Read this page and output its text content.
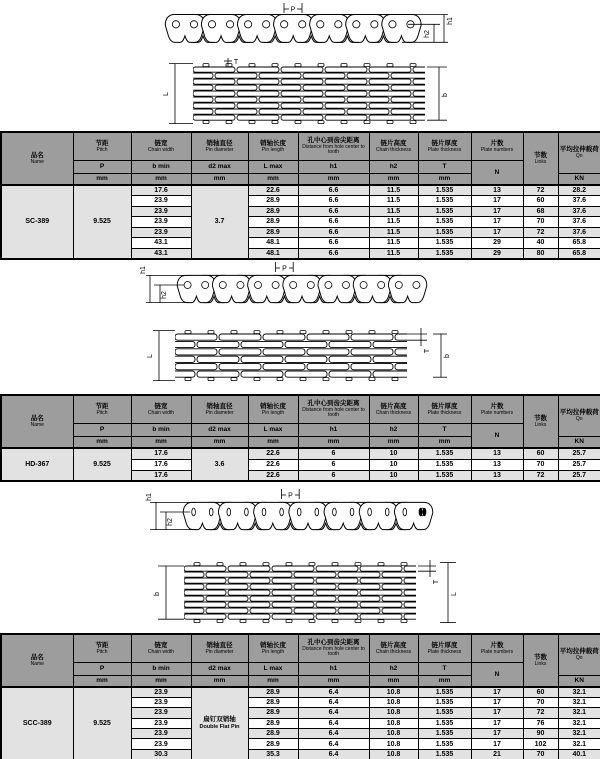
P
h1
h2
L	b
T
品名
Name

节距
Pitch

链宽
Chain width

销轴直径
Pin diameter

销轴长度
Pin length

孔中心到齿尖距离
Distance from hole center to tooth

链片高度
Chain thickness

链片厚度
Plate thickness

片数
Plate numbers

节数
Links

平均拉伸载荷
Qo

	P	b min	d2 max	L max	h1	h2	T	N		
	mm	mm	mm	mm	mm	mm	mm			KN
SC-389	9.525	17.6	3.7	22.6	6.6	11.5	1.535	13	72	28.2
		23.9		28.9	6.6	11.5	1.535	17	60	37.6
		23.9		28.9	6.6	11.5	1.535	17	68	37.6
		23.9		28.9	6.6	11.5	1.535	17	70	37.6
		23.9		28.9	6.6	11.5	1.535	17	72	37.6
		43.1		48.1	6.6	11.5	1.535	29	40	65.8
		43.1		48.1	6.6	11.5	1.535	29	80	65.8
P
h1
h2
L
T
b
品名
Name

节距
Pitch

链宽
Chain width

销轴直径
Pin diameter

销轴长度
Pin length

孔中心到齿尖距离
Distance from hole center to tooth

链片高度
Chain thickness

链片厚度
Plate thickness

片数
Plate numbers

节数
Links

平均拉伸载荷
Qo

	P	b min	d2 max	L max	h1	h2	T	N		
	mm	mm	mm	mm	mm	mm	mm			KN
HD-367	9.525	17.6	3.6	22.6	6	10	1.535	13	60	25.7
		17.6		22.6	6	10	1.535	13	70	25.7
		17.6		22.6	6	10	1.535	13	72	25.7
P
h1
h2
b
T
L
品名
Name

节距
Pitch

链宽
Chain width

销轴直径
Pin diameter

销轴长度
Pin length

孔中心到齿尖距离
Distance from hole center to tooth

链片高度
Chain thickness

链片厚度
Plate thickness

片数
Plate numbers

节数
Links

平均拉伸载荷
Qo

	P	b min	d2 max	L max	h1	h2	T	N		
	mm	mm	mm	mm	mm	mm	mm			KN
SCC-389	9.525	23.9	扁钉双销轴
Double Flat Pin	28.9	6.4	10.8	1.535	17	60	32.1
		23.9		28.9	6.4	10.8	1.535	17	70	32.1
		23.9		28.9	6.4	10.8	1.535	17	72	32.1
		23.9		28.9	6.4	10.8	1.535	17	76	32.1
		23.9		28.9	6.4	10.8	1.535	17	90	32.1
		23.9		28.9	6.4	10.8	1.535	17	102	32.1
		30.3		35.3	6.4	10.8	1.535	21	70	40.1
